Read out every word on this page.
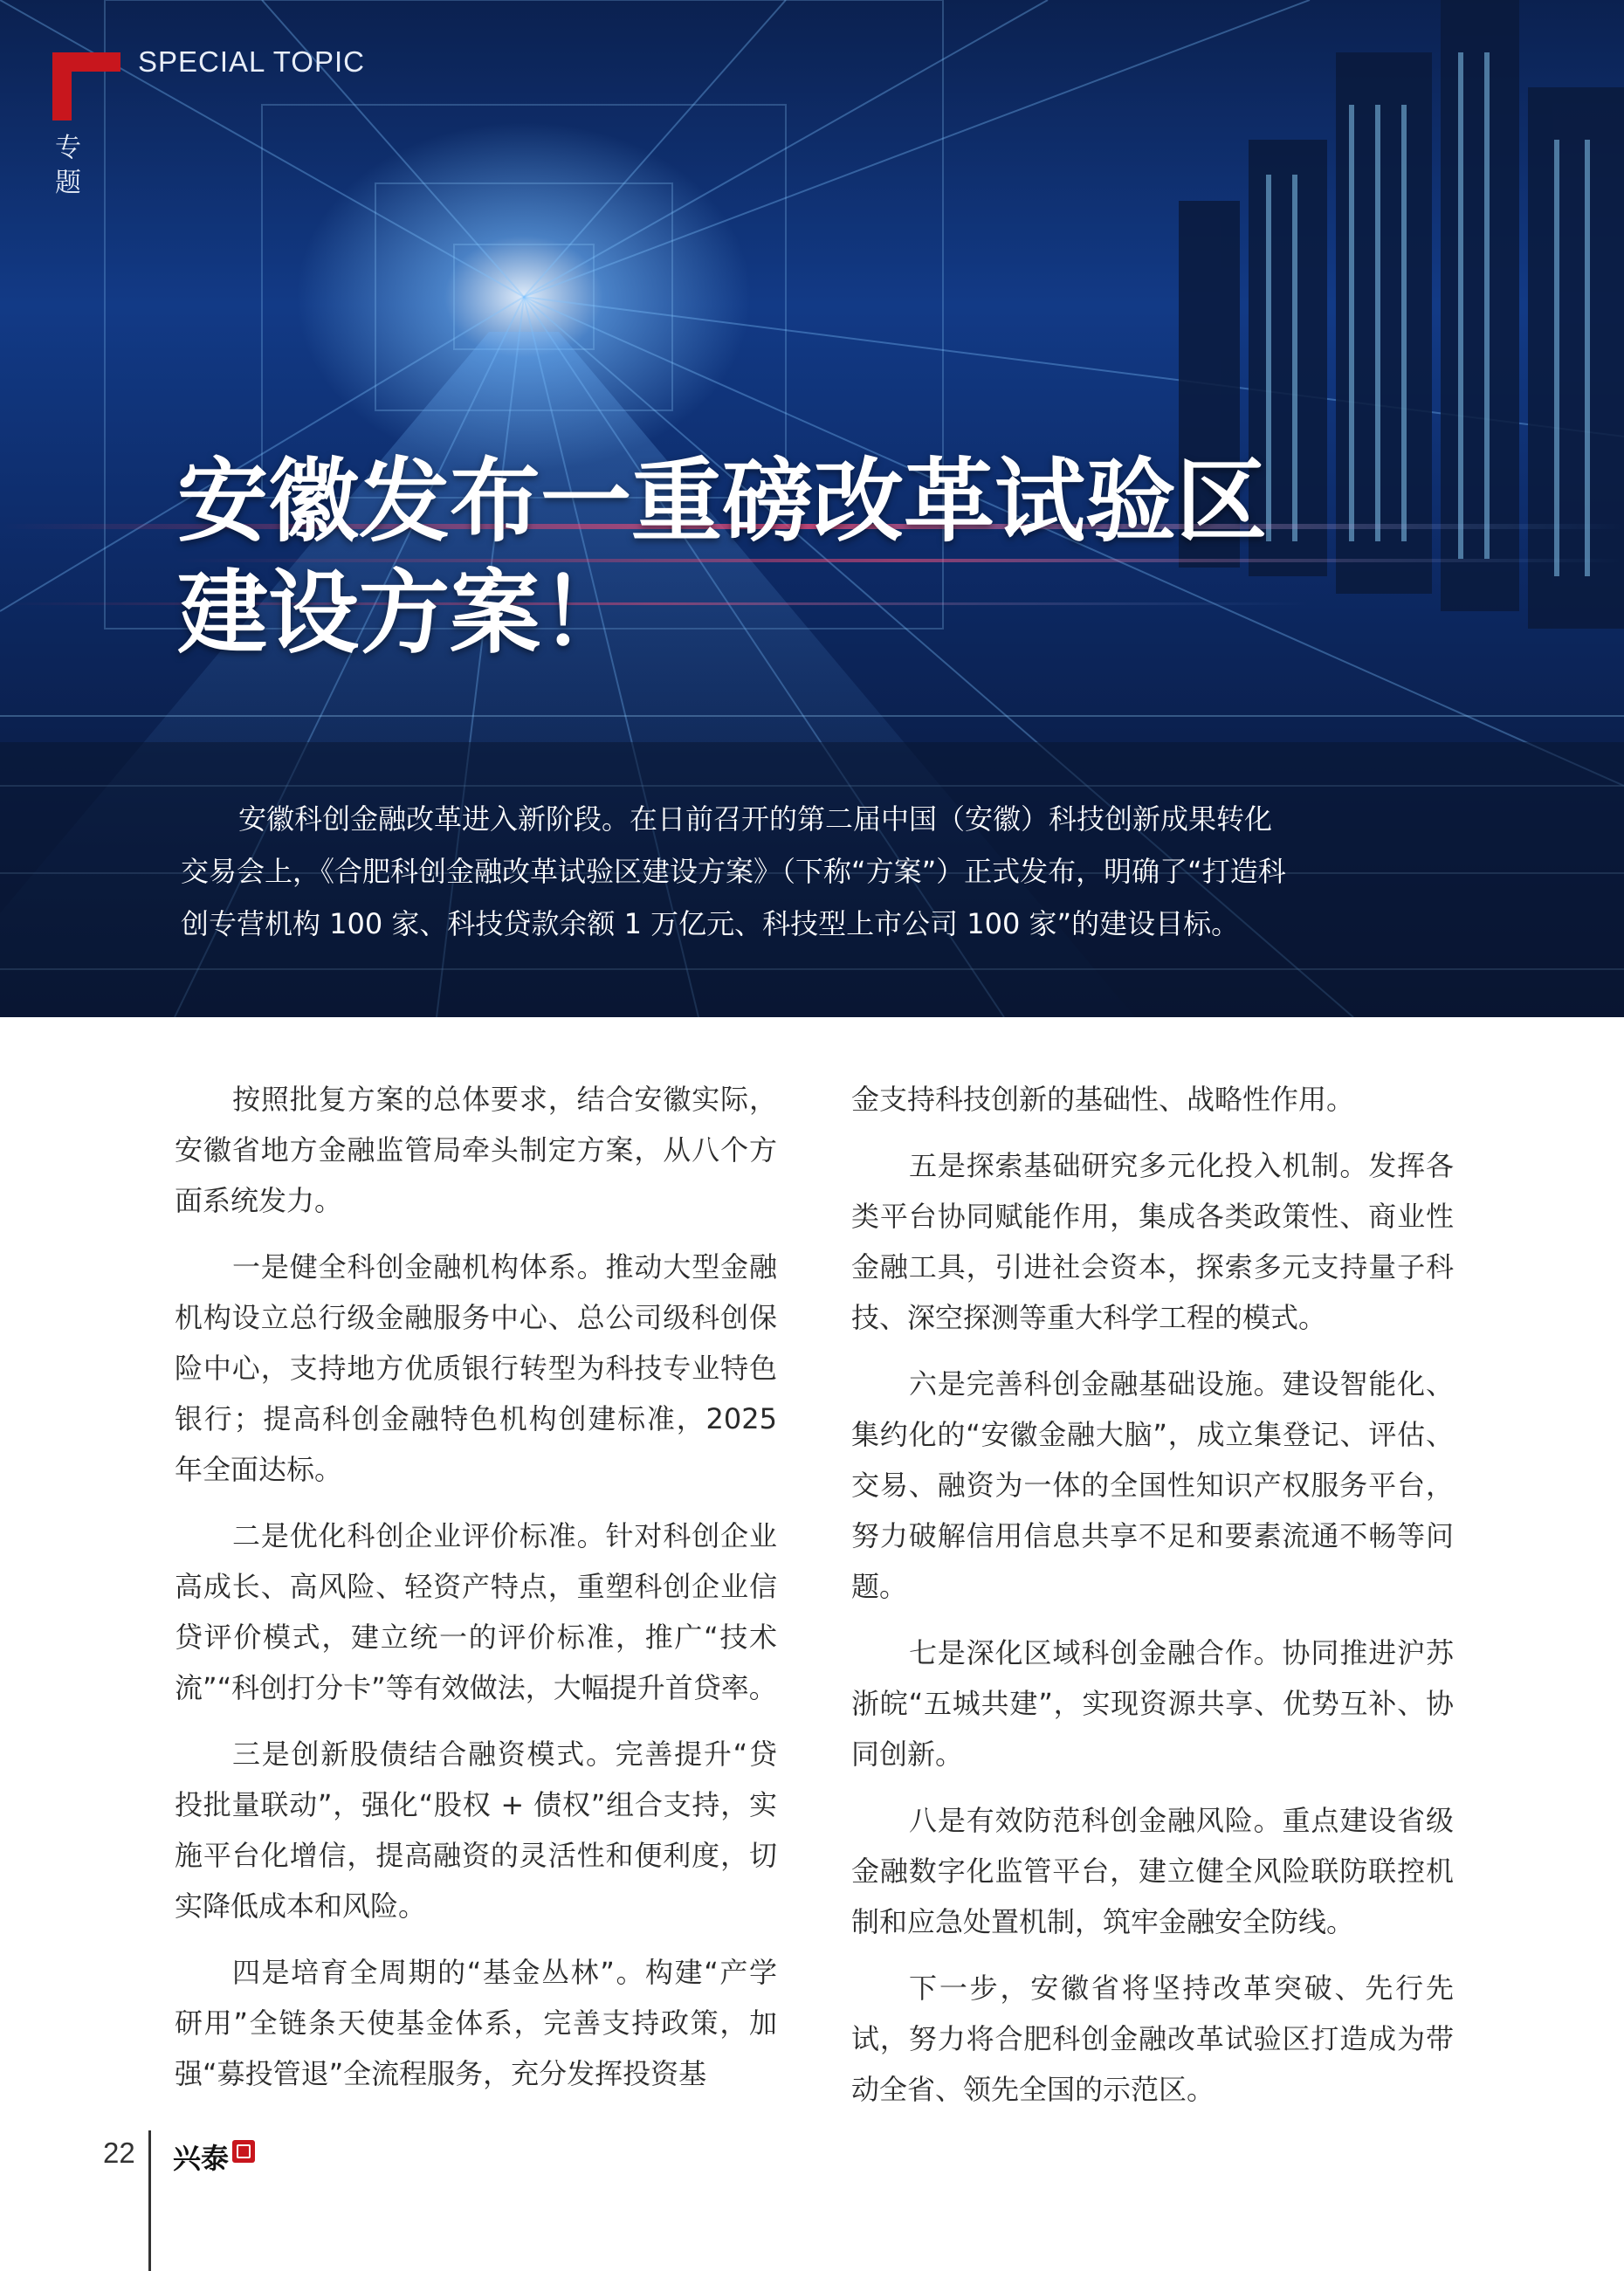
SPECIAL TOPIC
专题
安徽发布一重磅改革试验区
建设方案！

安徽科创金融改革进入新阶段。在日前召开的第二届中国（安徽）科技创新成果转化交易会上，《合肥科创金融改革试验区建设方案》（下称“方案”）正式发布，明确了“打造科创专营机构 100 家、科技贷款余额 1 万亿元、科技型上市公司 100 家”的建设目标。

按照批复方案的总体要求，结合安徽实际，安徽省地方金融监管局牵头制定方案，从八个方面系统发力。

一是健全科创金融机构体系。推动大型金融机构设立总行级金融服务中心、总公司级科创保险中心，支持地方优质银行转型为科技专业特色银行；提高科创金融特色机构创建标准，2025 年全面达标。

二是优化科创企业评价标准。针对科创企业高成长、高风险、轻资产特点，重塑科创企业信贷评价模式，建立统一的评价标准，推广“技术流”“科创打分卡”等有效做法，大幅提升首贷率。

三是创新股债结合融资模式。完善提升“贷投批量联动”，强化“股权 + 债权”组合支持，实施平台化增信，提高融资的灵活性和便利度，切实降低成本和风险。

四是培育全周期的“基金丛林”。构建“产学研用”全链条天使基金体系，完善支持政策，加强“募投管退”全流程服务，充分发挥投资基

金支持科技创新的基础性、战略性作用。

五是探索基础研究多元化投入机制。发挥各类平台协同赋能作用，集成各类政策性、商业性金融工具，引进社会资本，探索多元支持量子科技、深空探测等重大科学工程的模式。

六是完善科创金融基础设施。建设智能化、集约化的“安徽金融大脑”，成立集登记、评估、交易、融资为一体的全国性知识产权服务平台，努力破解信用信息共享不足和要素流通不畅等问题。

七是深化区域科创金融合作。协同推进沪苏浙皖“五城共建”，实现资源共享、优势互补、协同创新。

八是有效防范科创金融风险。重点建设省级金融数字化监管平台，建立健全风险联防联控机制和应急处置机制，筑牢金融安全防线。

下一步，安徽省将坚持改革突破、先行先试，努力将合肥科创金融改革试验区打造成为带动全省、领先全国的示范区。

22 兴泰
